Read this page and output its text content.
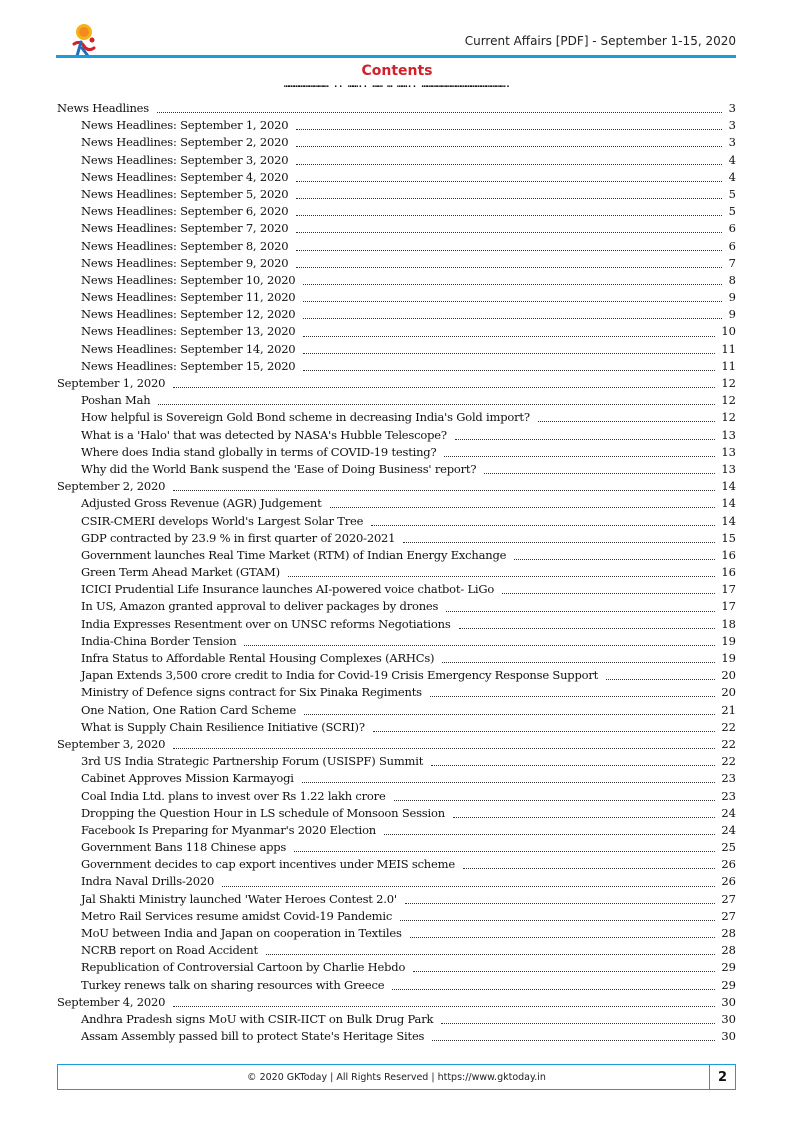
Current Affairs [PDF] - September 1-15, 2020
Contents
……………………… .. …….. …… … …….. …………………………………………….
News Headlines	3
News Headlines: September 1, 2020	3
News Headlines: September 2, 2020	3
News Headlines: September 3, 2020	4
News Headlines: September 4, 2020	4
News Headlines: September 5, 2020	5
News Headlines: September 6, 2020	5
News Headlines: September 7, 2020	6
News Headlines: September 8, 2020	6
News Headlines: September 9, 2020	7
News Headlines: September 10, 2020	8
News Headlines: September 11, 2020	9
News Headlines: September 12, 2020	9
News Headlines: September 13, 2020	10
News Headlines: September 14, 2020	11
News Headlines: September 15, 2020	11
September 1, 2020	12
Poshan Mah	12
How helpful is Sovereign Gold Bond scheme in decreasing India's Gold import?	12
What is a 'Halo' that was detected by NASA's Hubble Telescope?	13
Where does India stand globally in terms of COVID-19 testing?	13
Why did the World Bank suspend the 'Ease of Doing Business' report?	13
September 2, 2020	14
Adjusted Gross Revenue (AGR) Judgement	14
CSIR-CMERI develops World's Largest Solar Tree	14
GDP contracted by 23.9 % in first quarter of 2020-2021	15
Government launches Real Time Market (RTM) of Indian Energy Exchange	16
Green Term Ahead Market (GTAM)	16
ICICI Prudential Life Insurance launches AI-powered voice chatbot- LiGo	17
In US, Amazon granted approval to deliver packages by drones	17
India Expresses Resentment over on UNSC reforms Negotiations	18
India-China Border Tension	19
Infra Status to Affordable Rental Housing Complexes (ARHCs)	19
Japan Extends 3,500 crore credit to India for Covid-19 Crisis Emergency Response Support	20
Ministry of Defence signs contract for Six Pinaka Regiments	20
One Nation, One Ration Card Scheme	21
What is Supply Chain Resilience Initiative (SCRI)?	22
September 3, 2020	22
3rd US India Strategic Partnership Forum (USISPF) Summit	22
Cabinet Approves Mission Karmayogi	23
Coal India Ltd. plans to invest over Rs 1.22 lakh crore	23
Dropping the Question Hour in LS schedule of Monsoon Session	24
Facebook Is Preparing for Myanmar's 2020 Election	24
Government Bans 118 Chinese apps	25
Government decides to cap export incentives under MEIS scheme	26
Indra Naval Drills-2020	26
Jal Shakti Ministry launched 'Water Heroes Contest 2.0'	27
Metro Rail Services resume amidst Covid-19 Pandemic	27
MoU between India and Japan on cooperation in Textiles	28
NCRB report on Road Accident	28
Republication of Controversial Cartoon by Charlie Hebdo	29
Turkey renews talk on sharing resources with Greece	29
September 4, 2020	30
Andhra Pradesh signs MoU with CSIR-IICT on Bulk Drug Park	30
Assam Assembly passed bill to protect State's Heritage Sites	30
© 2020 GKToday | All Rights Reserved | https://www.gktoday.in	2
